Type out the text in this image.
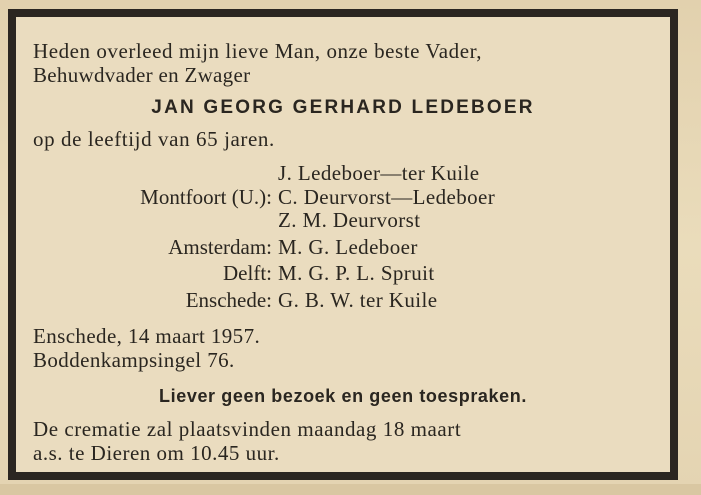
Heden overleed mijn lieve Man, onze beste Vader,
Behuwdvader en Zwager
JAN GEORG GERHARD LEDEBOER
op de leeftijd van 65 jaren.
J. Ledeboer—ter Kuile
Montfoort (U.): C. Deurvorst—Ledeboer
Z. M. Deurvorst
Amsterdam: M. G. Ledeboer
Delft: M. G. P. L. Spruit
Enschede: G. B. W. ter Kuile
Enschede, 14 maart 1957.
Boddenkampsingel 76.
Liever geen bezoek en geen toespraken.
De crematie zal plaatsvinden maandag 18 maart
a.s. te Dieren om 10.45 uur.
